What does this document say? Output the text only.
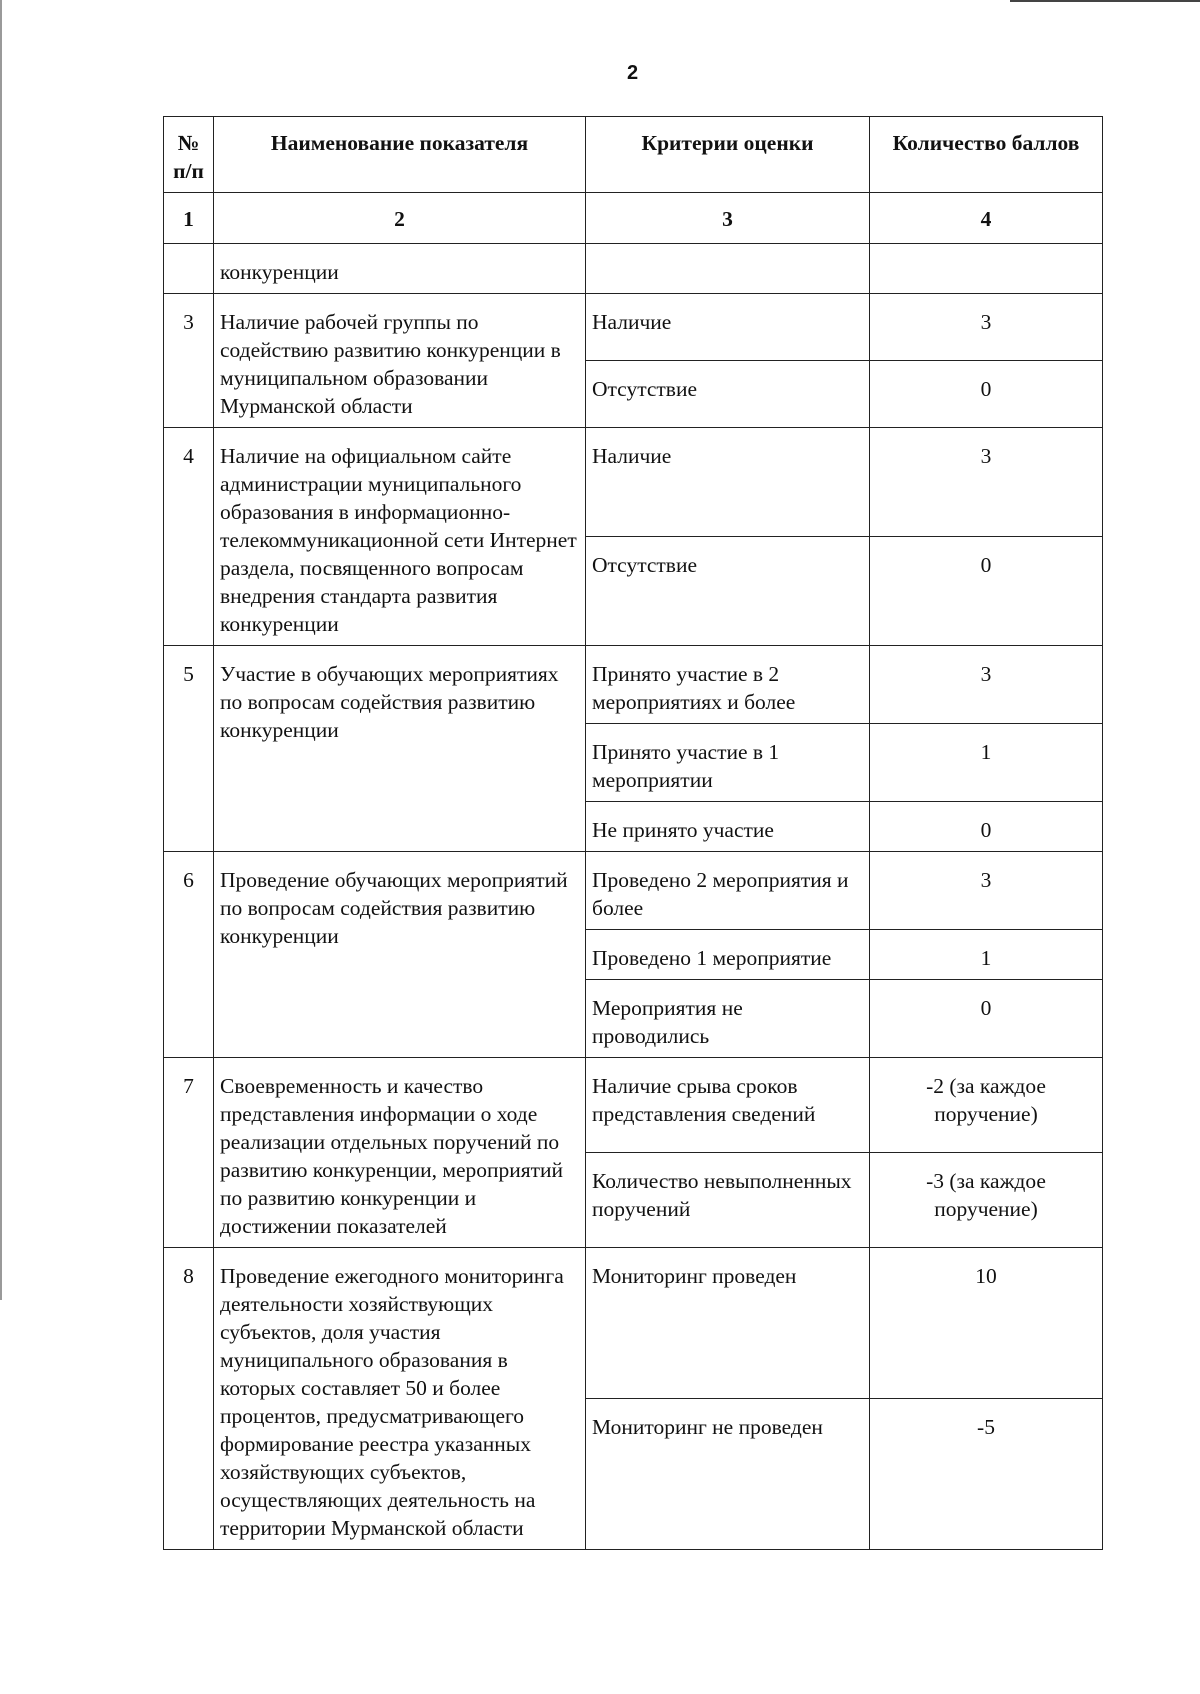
2
№ п/п	Наименование показателя	Критерии оценки	Количество баллов
1	2	3	4
	конкуренции		
3	Наличие рабочей группы по содействию развитию конкуренции в муниципальном образовании Мурманской области	Наличие	3
		Отсутствие	0
4	Наличие на официальном сайте администрации муниципального образования в информационно-телекоммуникационной сети Интернет раздела, посвященного вопросам внедрения стандарта развития конкуренции	Наличие	3
		Отсутствие	0
5	Участие в обучающих мероприятиях по вопросам содействия развитию конкуренции	Принято участие в 2 мероприятиях и более	3
		Принято участие в 1 мероприятии	1
		Не принято участие	0
6	Проведение обучающих мероприятий по вопросам содействия развитию конкуренции	Проведено 2 мероприятия и более	3
		Проведено 1 мероприятие	1
		Мероприятия не проводились	0
7	Своевременность и качество представления информации о ходе реализации отдельных поручений по развитию конкуренции, мероприятий по развитию конкуренции и достижении показателей	Наличие срыва сроков представления сведений	-2 (за каждое поручение)
		Количество невыполненных поручений	-3 (за каждое поручение)
8	Проведение ежегодного мониторинга деятельности хозяйствующих субъектов, доля участия муниципального образования в которых составляет 50 и более процентов, предусматривающего формирование реестра указанных хозяйствующих субъектов, осуществляющих деятельность на территории Мурманской области	Мониторинг проведен	10
		Мониторинг не проведен	-5
